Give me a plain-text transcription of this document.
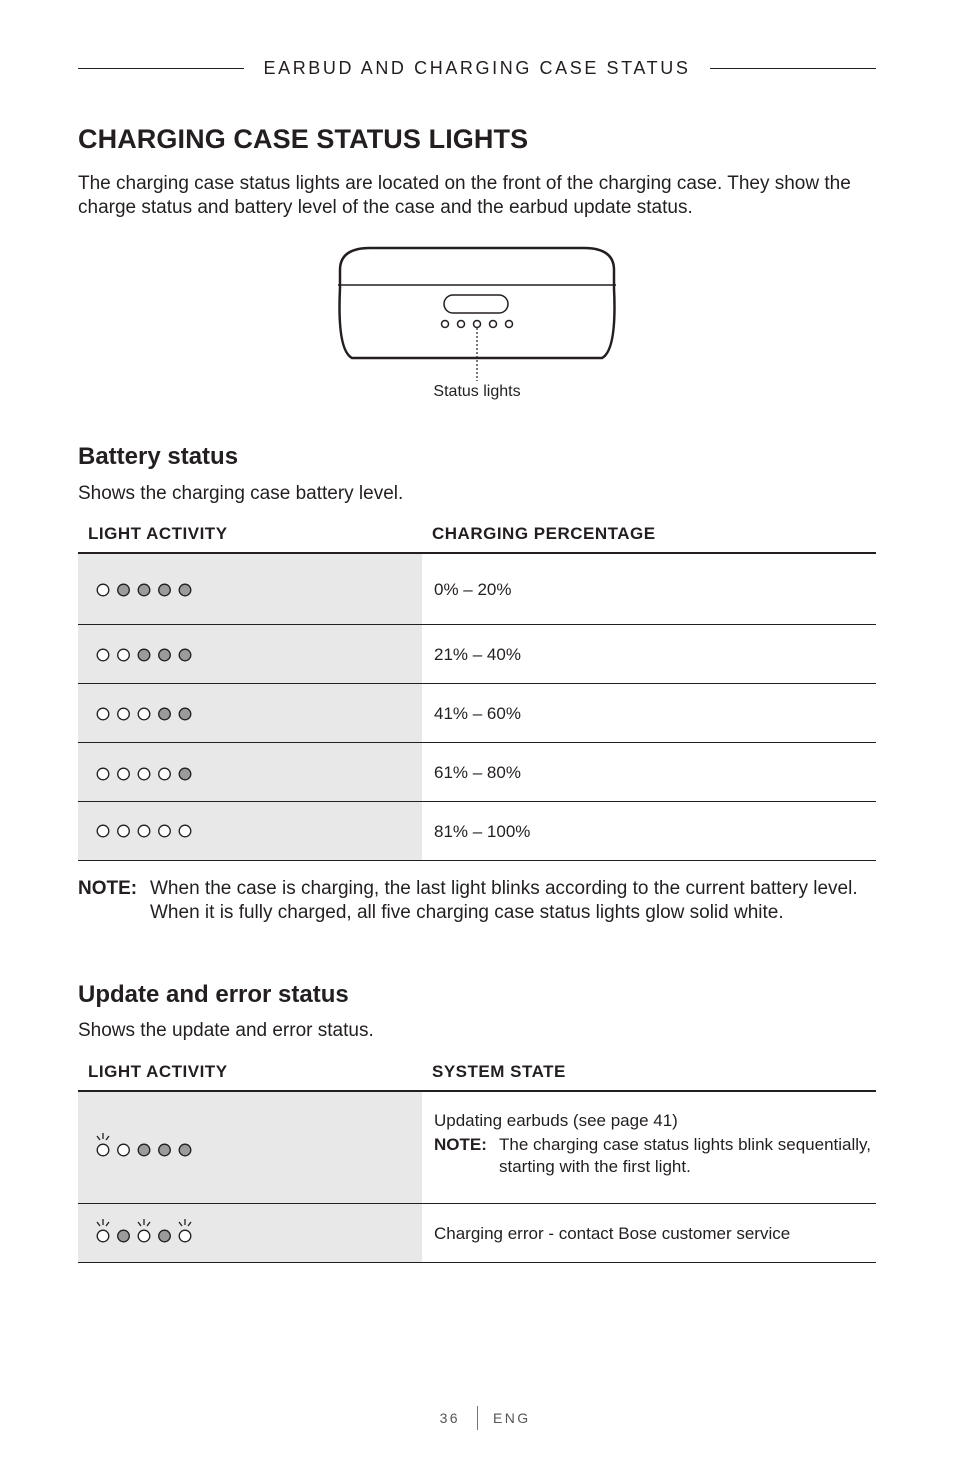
EARBUD AND CHARGING CASE STATUS
CHARGING CASE STATUS LIGHTS
The charging case status lights are located on the front of the charging case. They show the charge status and battery level of the case and the earbud update status.
Status lights
Battery status
Shows the charging case battery level.
LIGHT ACTIVITY	CHARGING PERCENTAGE
0% – 20%
21% – 40%
41% – 60%
61% – 80%
81% – 100%
NOTE: When the case is charging, the last light blinks according to the current battery level. When it is fully charged, all five charging case status lights glow solid white.
Update and error status
Shows the update and error status.
LIGHT ACTIVITY	SYSTEM STATE
Updating earbuds (see page 41)
NOTE: The charging case status lights blink sequentially, starting with the first light.
Charging error - contact Bose customer service
36 ENG
